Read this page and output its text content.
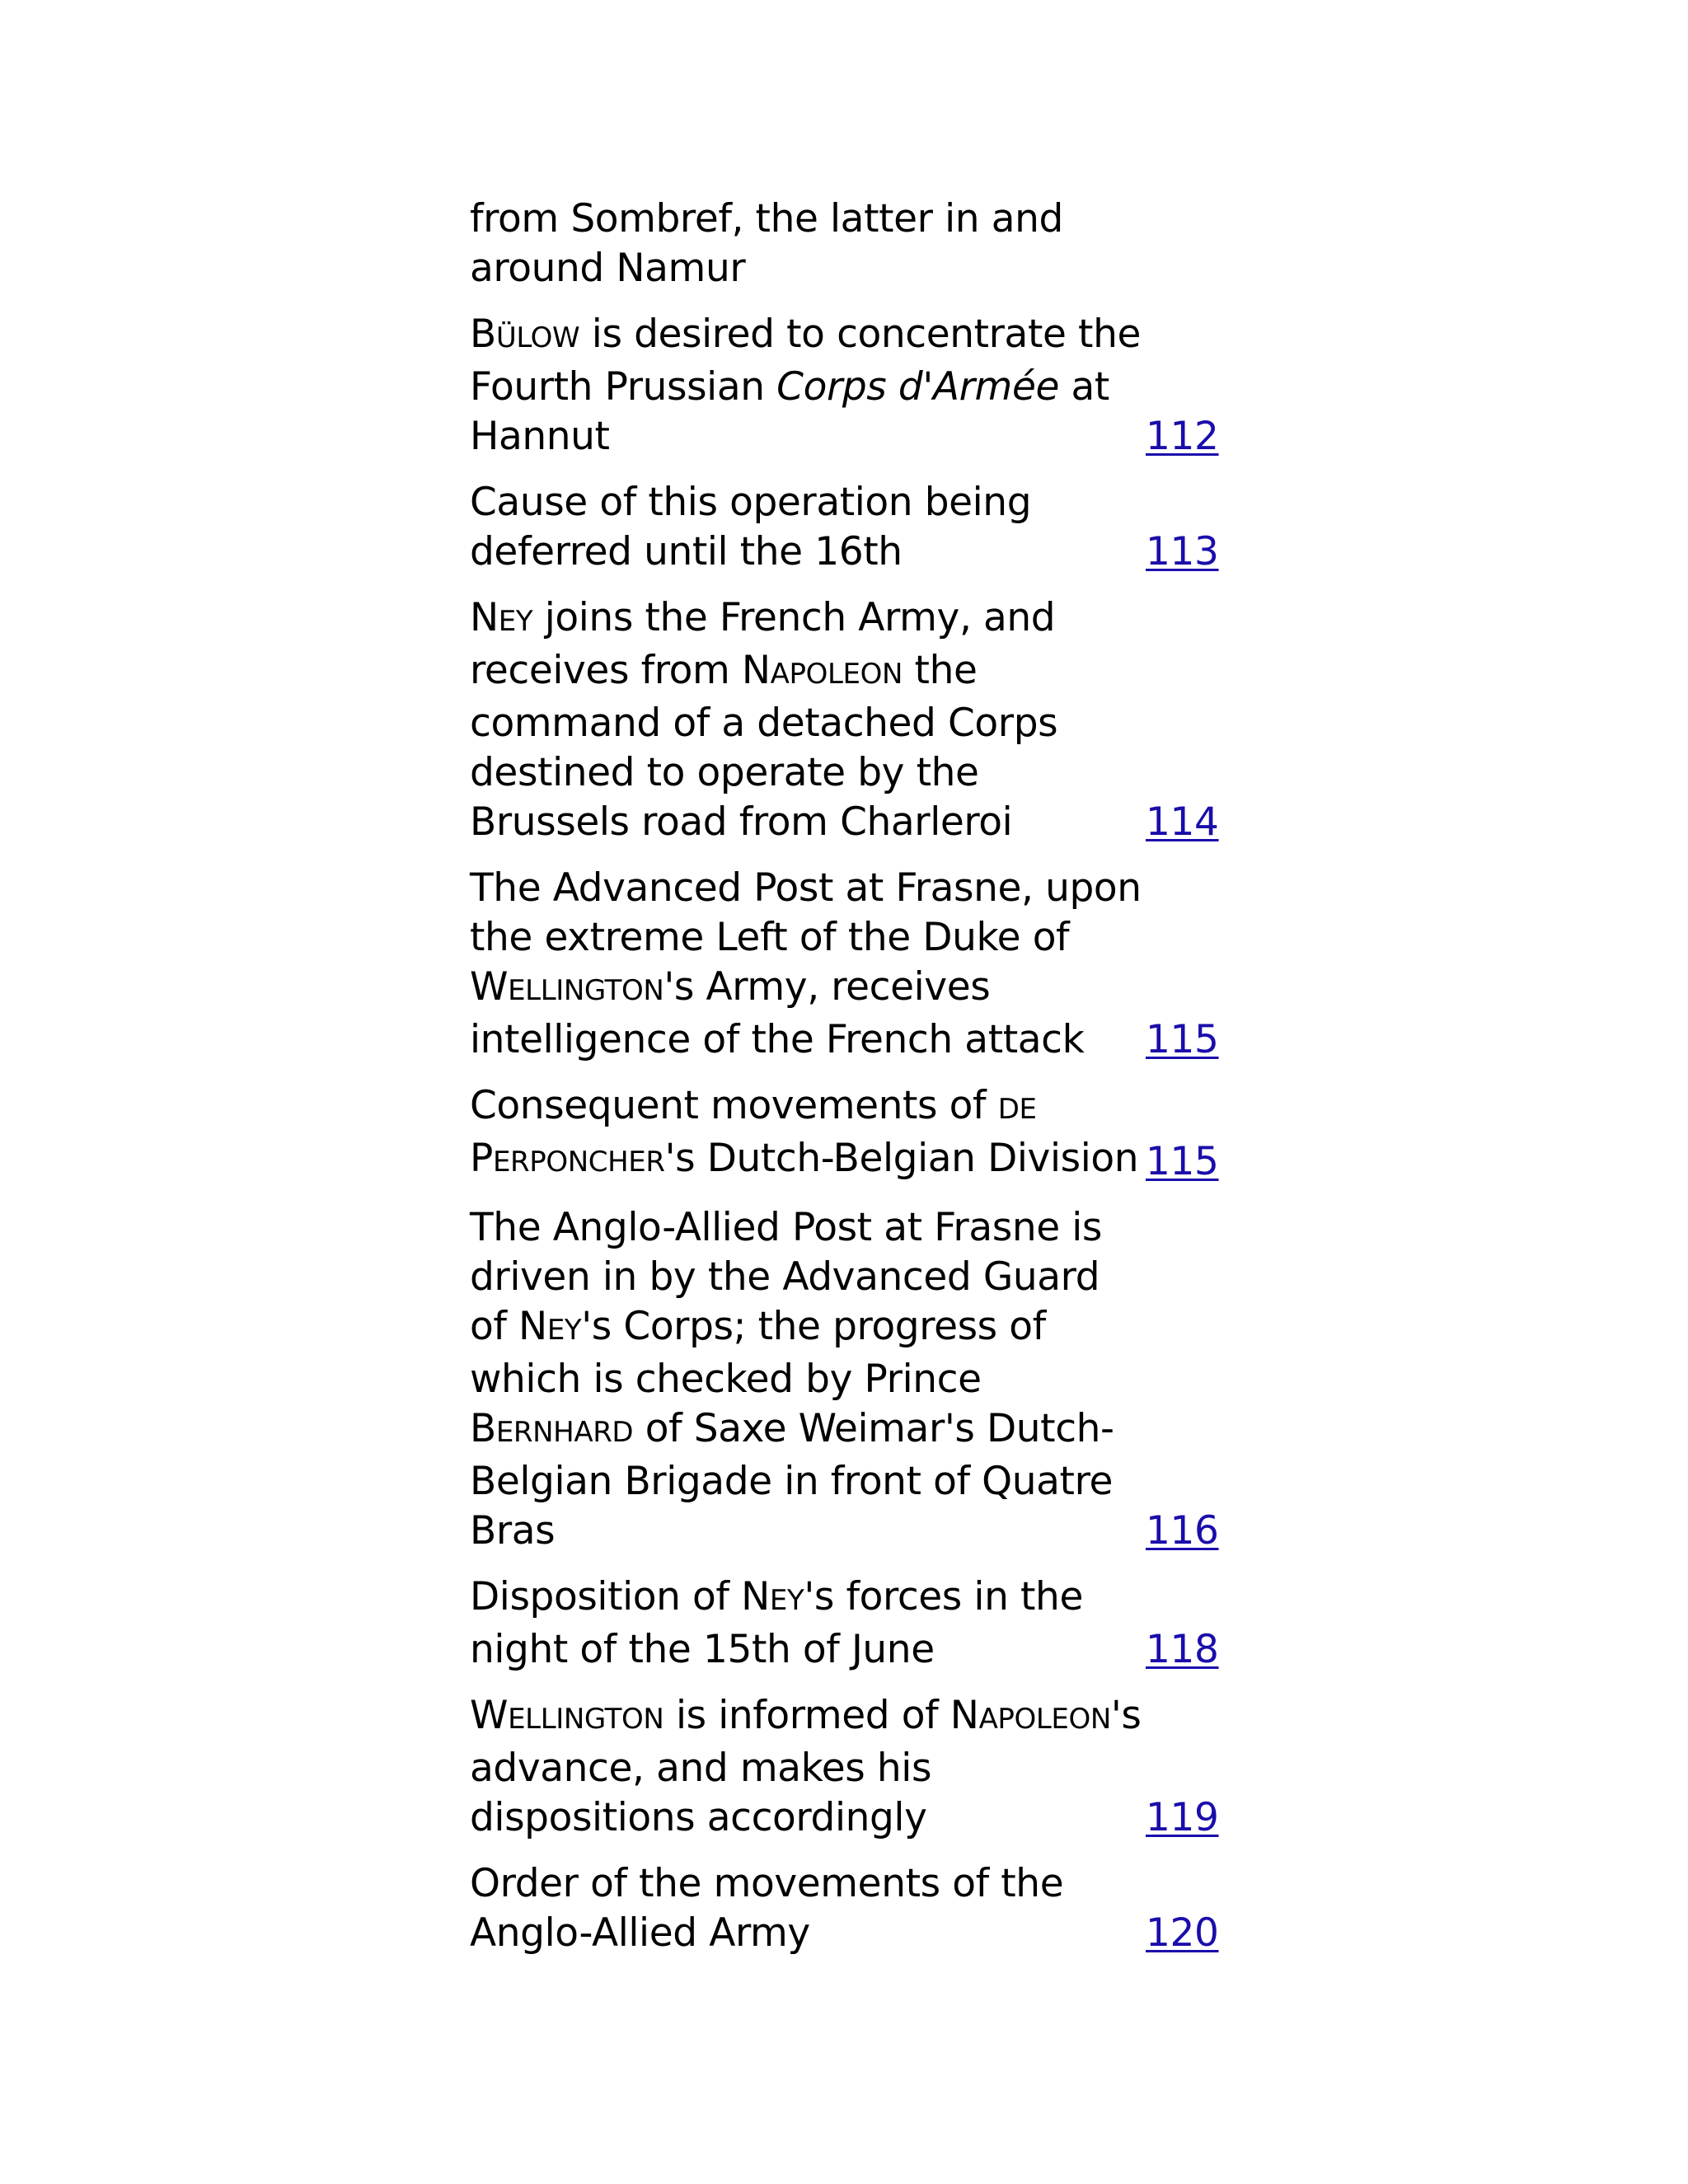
from Sombref, the latter in and around Namur
BÜLOW is desired to concentrate the Fourth Prussian Corps d'Armée at Hannut	112
Cause of this operation being deferred until the 16th	113
NEY joins the French Army, and receives from NAPOLEON the command of a detached Corps destined to operate by the Brussels road from Charleroi	114
The Advanced Post at Frasne, upon the extreme Left of the Duke of WELLINGTON's Army, receives intelligence of the French attack	115
Consequent movements of DE PERPONCHER's Dutch-Belgian Division 115
The Anglo-Allied Post at Frasne is driven in by the Advanced Guard of NEY's Corps; the progress of which is checked by Prince BERNHARD of Saxe Weimar's Dutch-Belgian Brigade in front of Quatre Bras	116
Disposition of NEY's forces in the night of the 15th of June	118
WELLINGTON is informed of NAPOLEON's advance, and makes his dispositions accordingly	119
Order of the movements of the Anglo-Allied Army	120
